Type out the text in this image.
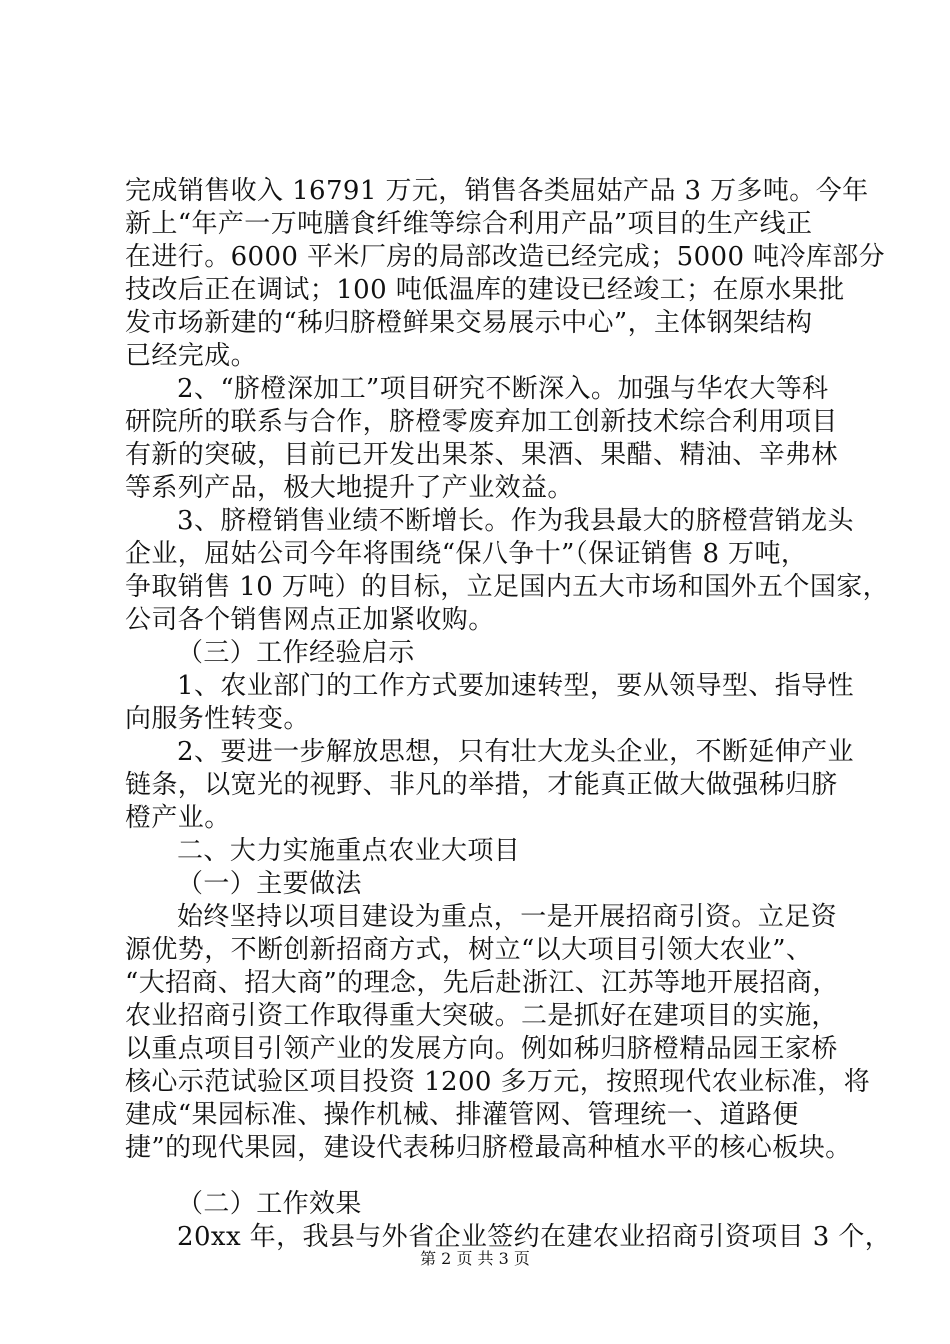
完成销售收入 16791 万元，销售各类屈姑产品 3 万多吨。今年
新上“年产一万吨膳食纤维等综合利用产品”项目的生产线正
在进行。6000 平米厂房的局部改造已经完成；5000 吨冷库部分
技改后正在调试；100 吨低温库的建设已经竣工；在原水果批
发市场新建的“秭归脐橙鲜果交易展示中心”，主体钢架结构
已经完成。
2、“脐橙深加工”项目研究不断深入。加强与华农大等科
研院所的联系与合作，脐橙零废弃加工创新技术综合利用项目
有新的突破，目前已开发出果茶、果酒、果醋、精油、辛弗林
等系列产品，极大地提升了产业效益。
3、脐橙销售业绩不断增长。作为我县最大的脐橙营销龙头
企业，屈姑公司今年将围绕“保八争十”（保证销售 8 万吨，
争取销售 10 万吨）的目标，立足国内五大市场和国外五个国家，
公司各个销售网点正加紧收购。
（三）工作经验启示
1、农业部门的工作方式要加速转型，要从领导型、指导性
向服务性转变。
2、要进一步解放思想，只有壮大龙头企业，不断延伸产业
链条，以宽光的视野、非凡的举措，才能真正做大做强秭归脐
橙产业。
二、大力实施重点农业大项目
（一）主要做法
始终坚持以项目建设为重点，一是开展招商引资。立足资
源优势，不断创新招商方式，树立“以大项目引领大农业”、
“大招商、招大商”的理念，先后赴浙江、江苏等地开展招商，
农业招商引资工作取得重大突破。二是抓好在建项目的实施，
以重点项目引领产业的发展方向。例如秭归脐橙精品园王家桥
核心示范试验区项目投资 1200 多万元，按照现代农业标准，将
建成“果园标准、操作机械、排灌管网、管理统一、道路便
捷”的现代果园，建设代表秭归脐橙最高种植水平的核心板块。
（二）工作效果
20xx 年，我县与外省企业签约在建农业招商引资项目 3 个，
第 2 页 共 3 页
